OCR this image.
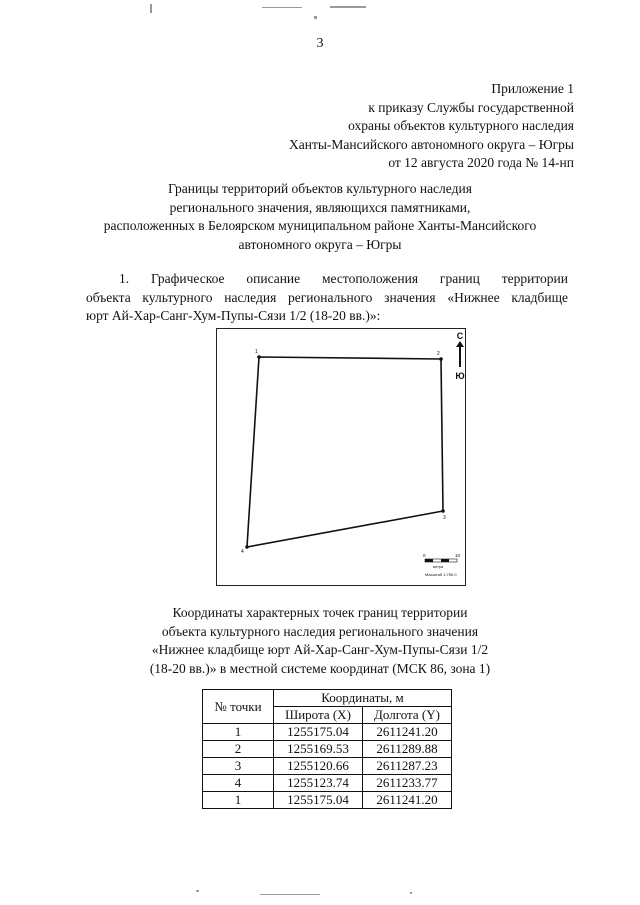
3
Приложение 1
к приказу Службы государственной
охраны объектов культурного наследия
Ханты-Мансийского автономного округа – Югры
от 12 августа 2020 года № 14-нп
Границы территорий объектов культурного наследия
регионального значения, являющихся памятниками,
расположенных в Белоярском муниципальном районе Ханты-Мансийского
автономного округа – Югры
1. Графическое описание местоположения границ территории
объекта культурного наследия регионального значения «Нижнее кладбище
юрт Ай-Хар-Санг-Хум-Пупы-Сязи 1/2 (18-20 вв.)»:
1	2
3
4
С
Ю
0	10
метры
Масштаб 1:750.0
Координаты характерных точек границ территории
объекта культурного наследия регионального значения
«Нижнее кладбище юрт Ай-Хар-Санг-Хум-Пупы-Сязи 1/2
(18-20 вв.)» в местной системе координат (МСК 86, зона 1)
№ точки	Координаты, м	
	Широта (X)	Долгота (Y)
1	1255175.04	2611241.20
2	1255169.53	2611289.88
3	1255120.66	2611287.23
4	1255123.74	2611233.77
1	1255175.04	2611241.20
